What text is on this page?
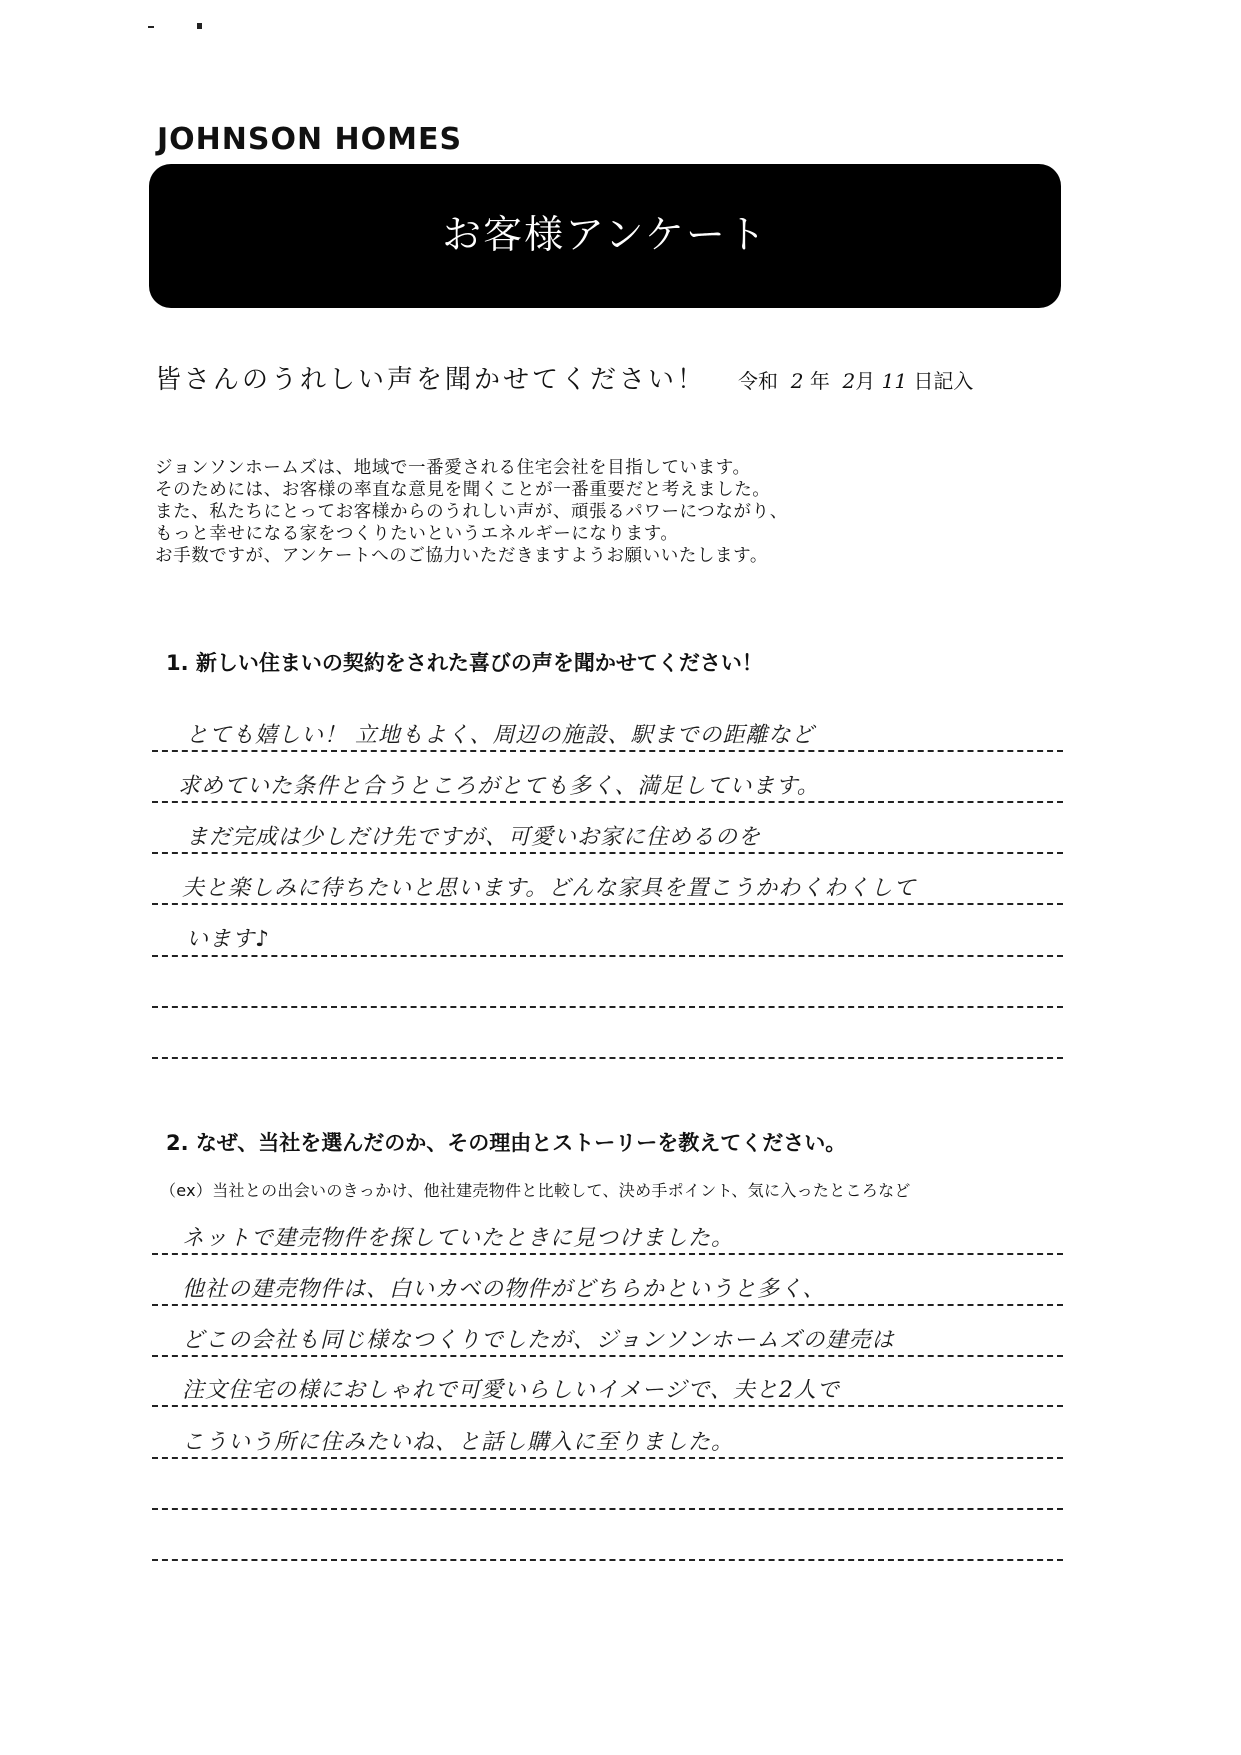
JOHNSON HOMES
お客様アンケート
皆さんのうれしい声を聞かせてください！ 令和 2 年 2月 11 日記入
ジョンソンホームズは、地域で一番愛される住宅会社を目指しています。
そのためには、お客様の率直な意見を聞くことが一番重要だと考えました。
また、私たちにとってお客様からのうれしい声が、頑張るパワーにつながり、
もっと幸せになる家をつくりたいというエネルギーになります。
お手数ですが、アンケートへのご協力いただきますようお願いいたします。
1. 新しい住まいの契約をされた喜びの声を聞かせてください！
とても嬉しい！ 立地もよく、周辺の施設、駅までの距離など
求めていた条件と合うところがとても多く、満足しています。
まだ完成は少しだけ先ですが、可愛いお家に住めるのを
夫と楽しみに待ちたいと思います。どんな家具を置こうかわくわくして
います♪
2. なぜ、当社を選んだのか、その理由とストーリーを教えてください。
（ex）当社との出会いのきっかけ、他社建売物件と比較して、決め手ポイント、気に入ったところなど
ネットで建売物件を探していたときに見つけました。
他社の建売物件は、白いカベの物件がどちらかというと多く、
どこの会社も同じ様なつくりでしたが、ジョンソンホームズの建売は
注文住宅の様におしゃれで可愛いらしいイメージで、夫と2人で
こういう所に住みたいね、と話し購入に至りました。
